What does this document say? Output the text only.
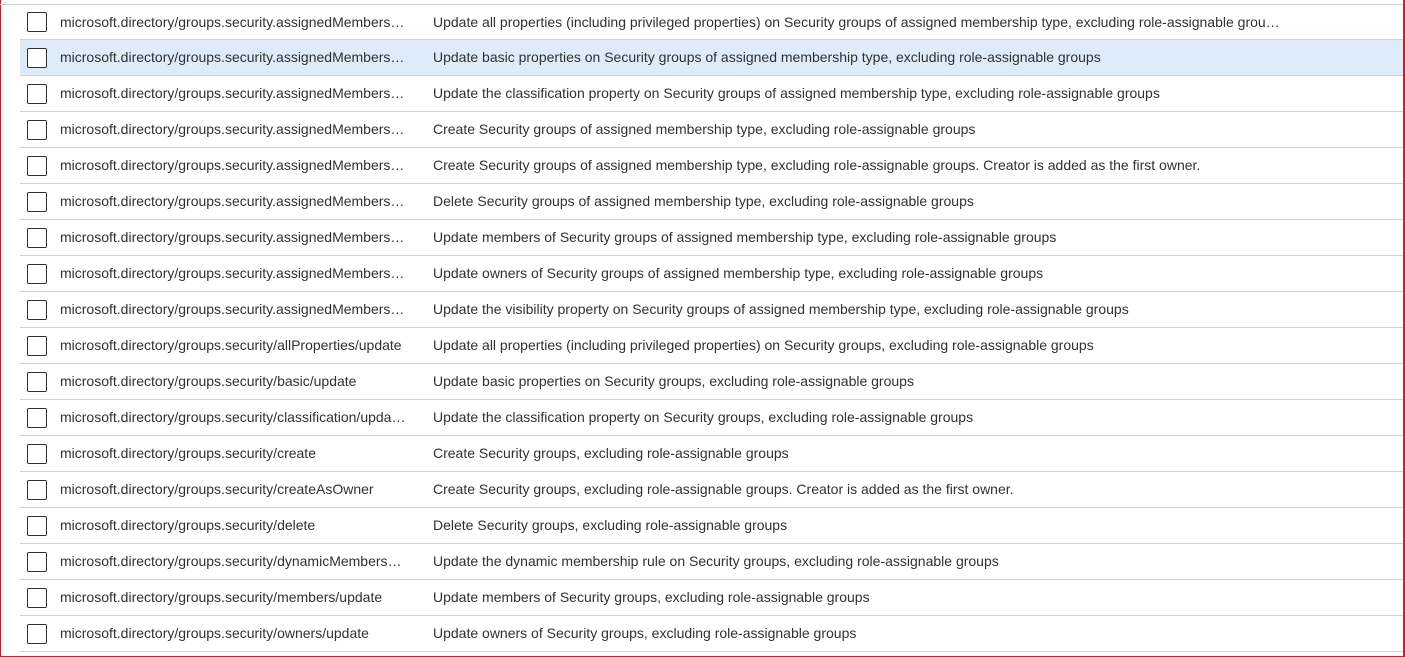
microsoft.directory/groups.security.assignedMembers…	Update all properties (including privileged properties) on Security groups of assigned membership type, excluding role-assignable grou…
microsoft.directory/groups.security.assignedMembers…	Update basic properties on Security groups of assigned membership type, excluding role-assignable groups
microsoft.directory/groups.security.assignedMembers…	Update the classification property on Security groups of assigned membership type, excluding role-assignable groups
microsoft.directory/groups.security.assignedMembers…	Create Security groups of assigned membership type, excluding role-assignable groups
microsoft.directory/groups.security.assignedMembers…	Create Security groups of assigned membership type, excluding role-assignable groups. Creator is added as the first owner.
microsoft.directory/groups.security.assignedMembers…	Delete Security groups of assigned membership type, excluding role-assignable groups
microsoft.directory/groups.security.assignedMembers…	Update members of Security groups of assigned membership type, excluding role-assignable groups
microsoft.directory/groups.security.assignedMembers…	Update owners of Security groups of assigned membership type, excluding role-assignable groups
microsoft.directory/groups.security.assignedMembers…	Update the visibility property on Security groups of assigned membership type, excluding role-assignable groups
microsoft.directory/groups.security/allProperties/update	Update all properties (including privileged properties) on Security groups, excluding role-assignable groups
microsoft.directory/groups.security/basic/update	Update basic properties on Security groups, excluding role-assignable groups
microsoft.directory/groups.security/classification/upda…	Update the classification property on Security groups, excluding role-assignable groups
microsoft.directory/groups.security/create	Create Security groups, excluding role-assignable groups
microsoft.directory/groups.security/createAsOwner	Create Security groups, excluding role-assignable groups. Creator is added as the first owner.
microsoft.directory/groups.security/delete	Delete Security groups, excluding role-assignable groups
microsoft.directory/groups.security/dynamicMembers…	Update the dynamic membership rule on Security groups, excluding role-assignable groups
microsoft.directory/groups.security/members/update	Update members of Security groups, excluding role-assignable groups
microsoft.directory/groups.security/owners/update	Update owners of Security groups, excluding role-assignable groups
